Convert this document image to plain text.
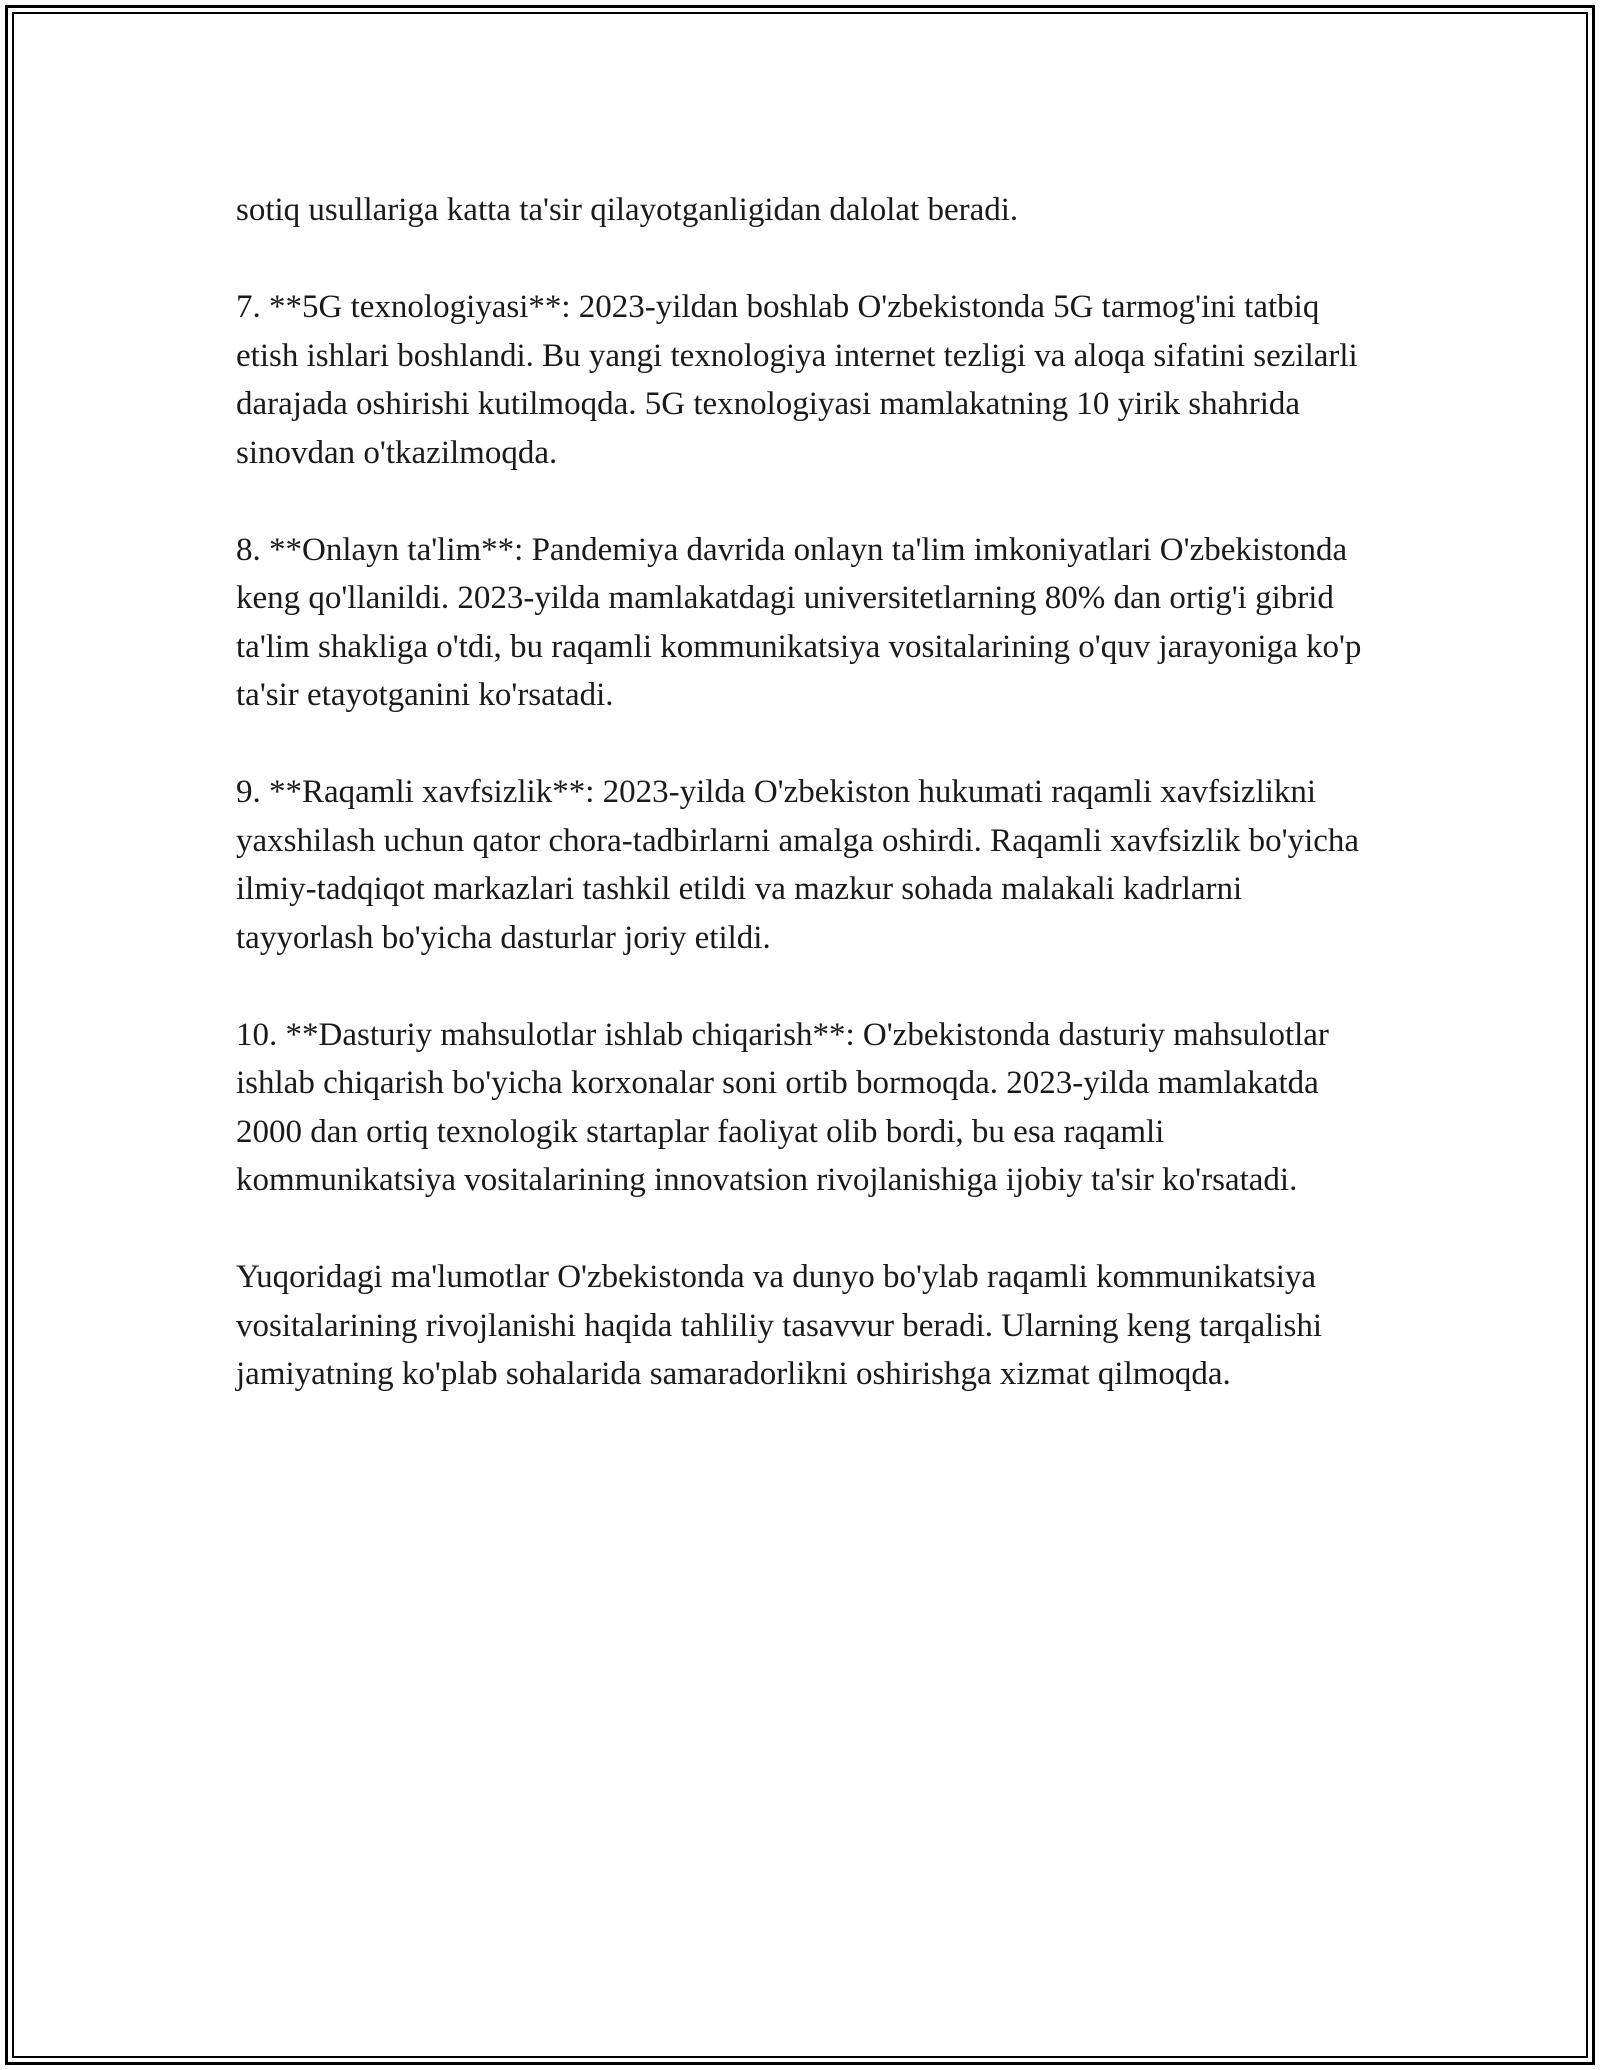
sotiq usullariga katta ta'sir qilayotganligidan dalolat beradi.

7. **5G texnologiyasi**: 2023-yildan boshlab O'zbekistonda 5G tarmog'ini tatbiq etish ishlari boshlandi. Bu yangi texnologiya internet tezligi va aloqa sifatini sezilarli darajada oshirishi kutilmoqda. 5G texnologiyasi mamlakatning 10 yirik shahrida sinovdan o'tkazilmoqda.

8. **Onlayn ta'lim**: Pandemiya davrida onlayn ta'lim imkoniyatlari O'zbekistonda keng qo'llanildi. 2023-yilda mamlakatdagi universitetlarning 80% dan ortig'i gibrid ta'lim shakliga o'tdi, bu raqamli kommunikatsiya vositalarining o'quv jarayoniga ko'p ta'sir etayotganini ko'rsatadi.

9. **Raqamli xavfsizlik**: 2023-yilda O'zbekiston hukumati raqamli xavfsizlikni yaxshilash uchun qator chora-tadbirlarni amalga oshirdi. Raqamli xavfsizlik bo'yicha ilmiy-tadqiqot markazlari tashkil etildi va mazkur sohada malakali kadrlarni tayyorlash bo'yicha dasturlar joriy etildi.

10. **Dasturiy mahsulotlar ishlab chiqarish**: O'zbekistonda dasturiy mahsulotlar ishlab chiqarish bo'yicha korxonalar soni ortib bormoqda. 2023-yilda mamlakatda 2000 dan ortiq texnologik startaplar faoliyat olib bordi, bu esa raqamli kommunikatsiya vositalarining innovatsion rivojlanishiga ijobiy ta'sir ko'rsatadi.

Yuqoridagi ma'lumotlar O'zbekistonda va dunyo bo'ylab raqamli kommunikatsiya vositalarining rivojlanishi haqida tahliliy tasavvur beradi. Ularning keng tarqalishi jamiyatning ko'plab sohalarida samaradorlikni oshirishga xizmat qilmoqda.
